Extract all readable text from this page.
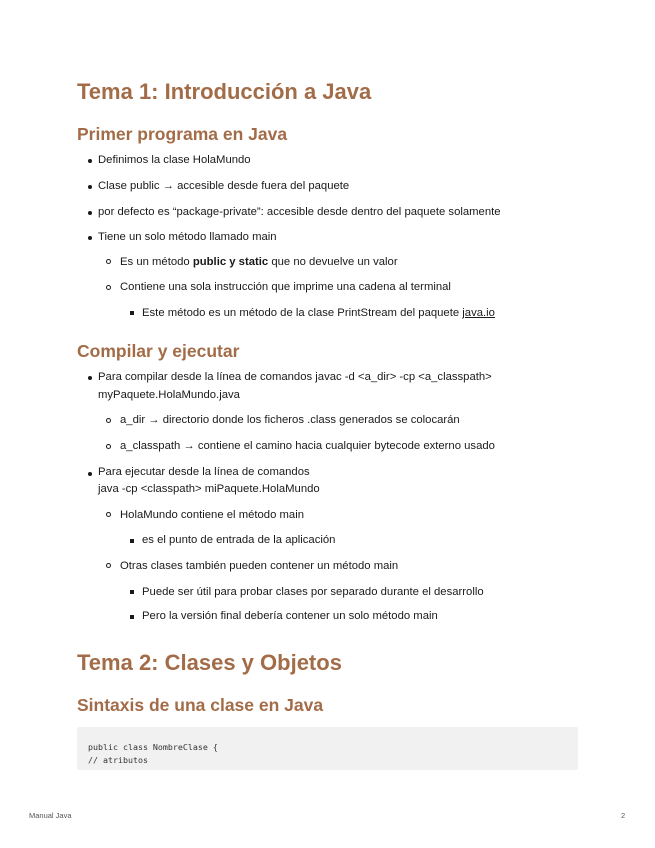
Tema 1: Introducción a Java
Primer programa en Java
Definimos la clase HolaMundo
Clase public → accesible desde fuera del paquete
por defecto es “package-private”: accesible desde dentro del paquete solamente
Tiene un solo método llamado main
Es un método public y static que no devuelve un valor
Contiene una sola instrucción que imprime una cadena al terminal
Este método es un método de la clase PrintStream del paquete java.io
Compilar y ejecutar
Para compilar desde la línea de comandos javac -d <a_dir> -cp <a_classpath>
myPaquete.HolaMundo.java
a_dir → directorio donde los ficheros .class generados se colocarán
a_classpath → contiene el camino hacia cualquier bytecode externo usado
Para ejecutar desde la línea de comandos
java -cp <classpath> miPaquete.HolaMundo
HolaMundo contiene el método main
es el punto de entrada de la aplicación
Otras clases también pueden contener un método main
Puede ser útil para probar clases por separado durante el desarrollo
Pero la versión final debería contener un solo método main
Tema 2: Clases y Objetos
Sintaxis de una clase en Java
public class NombreClase {
// atributos
Manual Java	2
